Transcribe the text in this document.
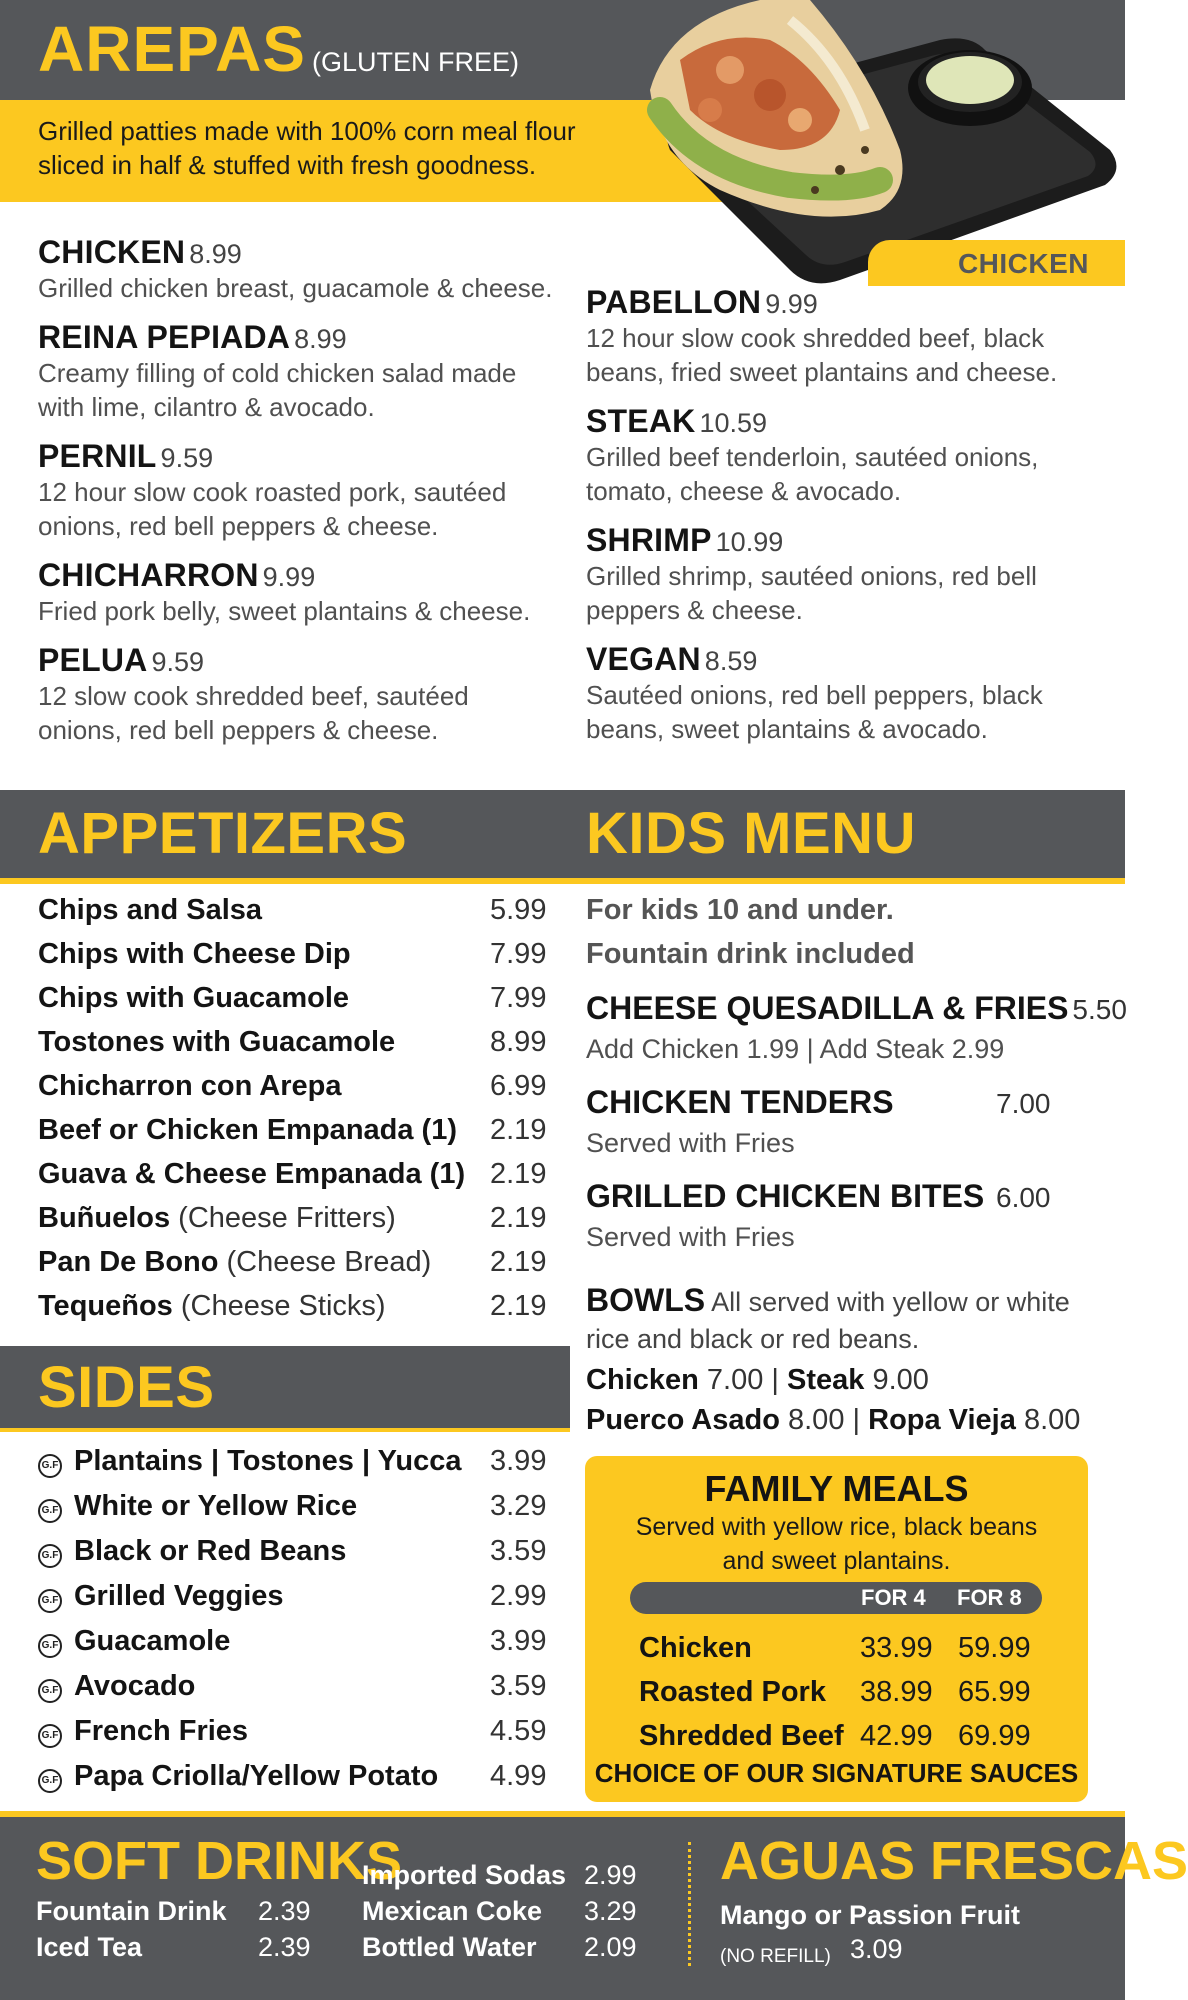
AREPAS (GLUTEN FREE)
Grilled patties made with 100% corn meal flour
sliced in half & stuffed with fresh goodness.
CHICKEN
CHICKEN 8.99
Grilled chicken breast, guacamole & cheese.
REINA PEPIADA 8.99
Creamy filling of cold chicken salad made
with lime, cilantro & avocado.
PERNIL 9.59
12 hour slow cook roasted pork, sautéed
onions, red bell peppers & cheese.
CHICHARRON 9.99
Fried pork belly, sweet plantains & cheese.
PELUA 9.59
12 slow cook shredded beef, sautéed
onions, red bell peppers & cheese.
PABELLON 9.99
12 hour slow cook shredded beef, black
beans, fried sweet plantains and cheese.
STEAK 10.59
Grilled beef tenderloin, sautéed onions,
tomato, cheese & avocado.
SHRIMP 10.99
Grilled shrimp, sautéed onions, red bell
peppers & cheese.
VEGAN 8.59
Sautéed onions, red bell peppers, black
beans, sweet plantains & avocado.
APPETIZERS	KIDS MENU
Chips and Salsa	5.99
Chips with Cheese Dip	7.99
Chips with Guacamole	7.99
Tostones with Guacamole	8.99
Chicharron con Arepa	6.99
Beef or Chicken Empanada (1) 2.19
Guava & Cheese Empanada (1) 2.19
Buñuelos (Cheese Fritters)	2.19
Pan De Bono (Cheese Bread) 2.19
Tequeños (Cheese Sticks)	2.19
SIDES
G.F Plantains | Tostones | Yucca 3.99
G.F White or Yellow Rice	3.29
G.F Black or Red Beans	3.59
G.F Grilled Veggies	2.99
G.F Guacamole	3.99
G.F Avocado	3.59
G.F French Fries	4.59
G.F Papa Criolla/Yellow Potato 4.99
For kids 10 and under.
Fountain drink included
CHEESE QUESADILLA & FRIES 5.50
Add Chicken 1.99 | Add Steak 2.99
CHICKEN TENDERS	7.00
Served with Fries
GRILLED CHICKEN BITES 6.00
Served with Fries
BOWLS All served with yellow or white rice and black or red beans.
Chicken 7.00 | Steak 9.00
Puerco Asado 8.00 | Ropa Vieja 8.00
FAMILY MEALS
Served with yellow rice, black beans
and sweet plantains.
FOR 4 FOR 8
Chicken	33.99 59.99
Roasted Pork 38.99 65.99
Shredded Beef 42.99 69.99
CHOICE OF OUR SIGNATURE SAUCES
SOFT DRINKS
Fountain Drink 2.39
Iced Tea	2.39
Imported Sodas 2.99
Mexican Coke 3.29
Bottled Water 2.09
AGUAS FRESCAS
Mango or Passion Fruit
(NO REFILL) 3.09
